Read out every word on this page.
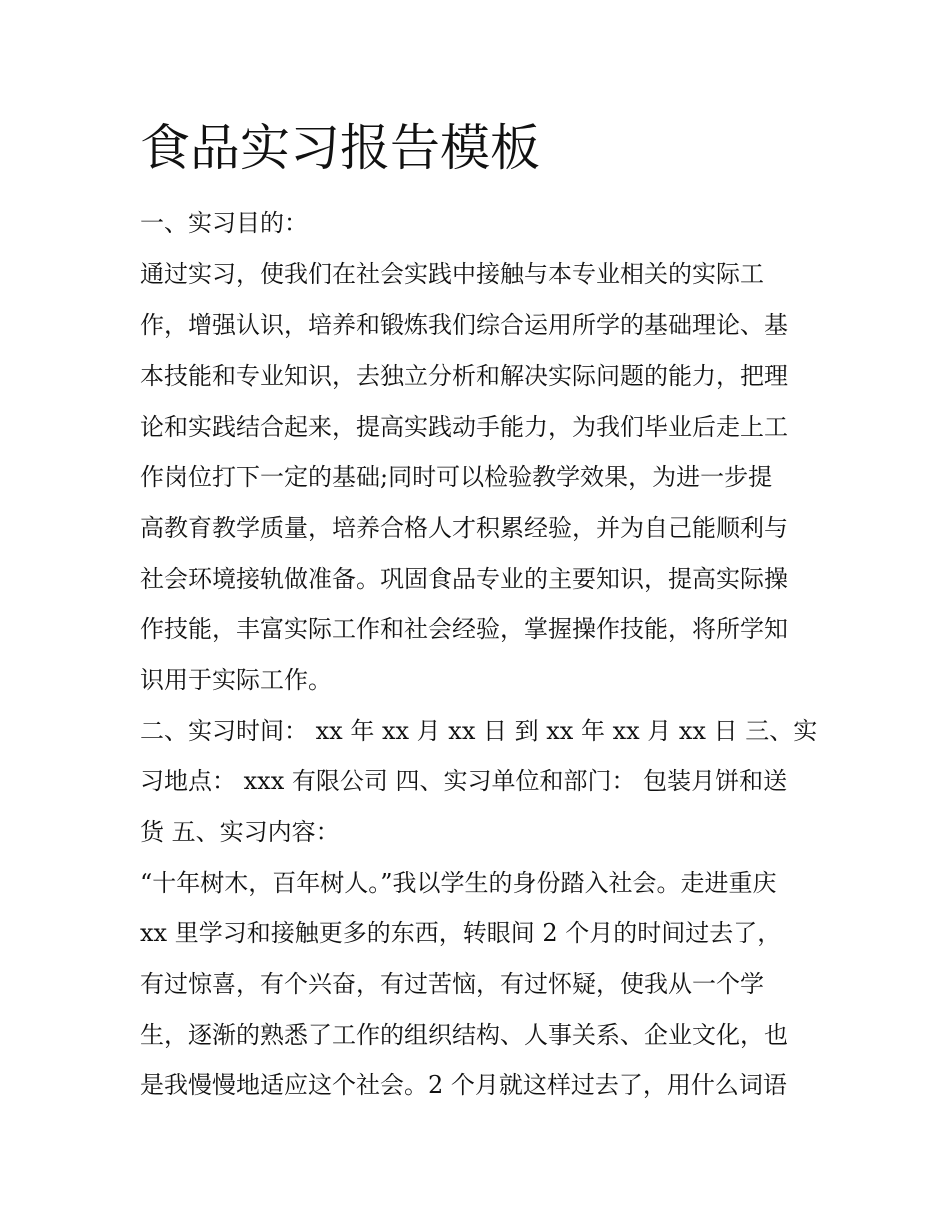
食品实习报告模板
一、实习目的：
通过实习，使我们在社会实践中接触与本专业相关的实际工
作，增强认识，培养和锻炼我们综合运用所学的基础理论、基
本技能和专业知识，去独立分析和解决实际问题的能力，把理
论和实践结合起来，提高实践动手能力，为我们毕业后走上工
作岗位打下一定的基础;同时可以检验教学效果，为进一步提
高教育教学质量，培养合格人才积累经验，并为自己能顺利与
社会环境接轨做准备。巩固食品专业的主要知识，提高实际操
作技能，丰富实际工作和社会经验，掌握操作技能，将所学知
识用于实际工作。
二、实习时间： xx 年 xx 月 xx 日 到 xx 年 xx 月 xx 日 三、实
习地点： xxx 有限公司 四、实习单位和部门： 包装月饼和送
货 五、实习内容：
“十年树木，百年树人。”我以学生的身份踏入社会。走进重庆
xx 里学习和接触更多的东西，转眼间 2 个月的时间过去了，
有过惊喜，有个兴奋，有过苦恼，有过怀疑，使我从一个学
生，逐渐的熟悉了工作的组织结构、人事关系、企业文化，也
是我慢慢地适应这个社会。2 个月就这样过去了，用什么词语
